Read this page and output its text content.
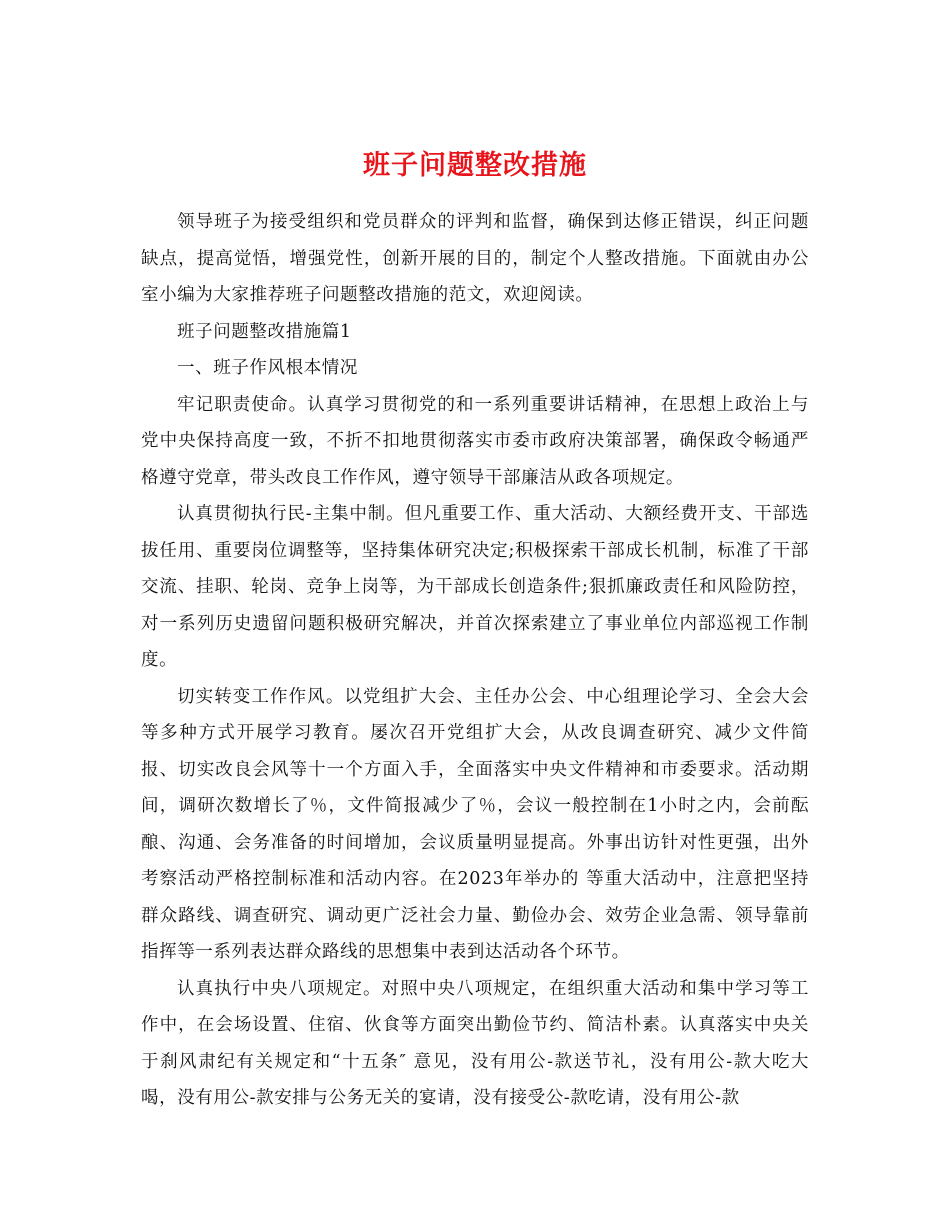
班子问题整改措施

领导班子为接受组织和党员群众的评判和监督，确保到达修正错误，纠正问题缺点，提高觉悟，增强党性，创新开展的目的，制定个人整改措施。下面就由办公室小编为大家推荐班子问题整改措施的范文，欢迎阅读。

班子问题整改措施篇1

一、班子作风根本情况

牢记职责使命。认真学习贯彻党的和一系列重要讲话精神，在思想上政治上与党中央保持高度一致，不折不扣地贯彻落实市委市政府决策部署，确保政令畅通严格遵守党章，带头改良工作作风，遵守领导干部廉洁从政各项规定。

认真贯彻执行民-主集中制。但凡重要工作、重大活动、大额经费开支、干部选拔任用、重要岗位调整等，坚持集体研究决定;积极探索干部成长机制，标准了干部交流、挂职、轮岗、竞争上岗等，为干部成长创造条件;狠抓廉政责任和风险防控，对一系列历史遗留问题积极研究解决，并首次探索建立了事业单位内部巡视工作制度。

切实转变工作作风。以党组扩大会、主任办公会、中心组理论学习、全会大会等多种方式开展学习教育。屡次召开党组扩大会，从改良调查研究、减少文件简报、切实改良会风等十一个方面入手，全面落实中央文件精神和市委要求。活动期间，调研次数增长了％，文件简报减少了％，会议一般控制在1小时之内，会前酝酿、沟通、会务准备的时间增加，会议质量明显提高。外事出访针对性更强，出外考察活动严格控制标准和活动内容。在2023年举办的 等重大活动中，注意把坚持群众路线、调查研究、调动更广泛社会力量、勤俭办会、效劳企业急需、领导靠前指挥等一系列表达群众路线的思想集中表到达活动各个环节。

认真执行中央八项规定。对照中央八项规定，在组织重大活动和集中学习等工作中，在会场设置、住宿、伙食等方面突出勤俭节约、简洁朴素。认真落实中央关于刹风肃纪有关规定和“十五条″ 意见，没有用公-款送节礼，没有用公-款大吃大喝，没有用公-款安排与公务无关的宴请，没有接受公-款吃请，没有用公-款
